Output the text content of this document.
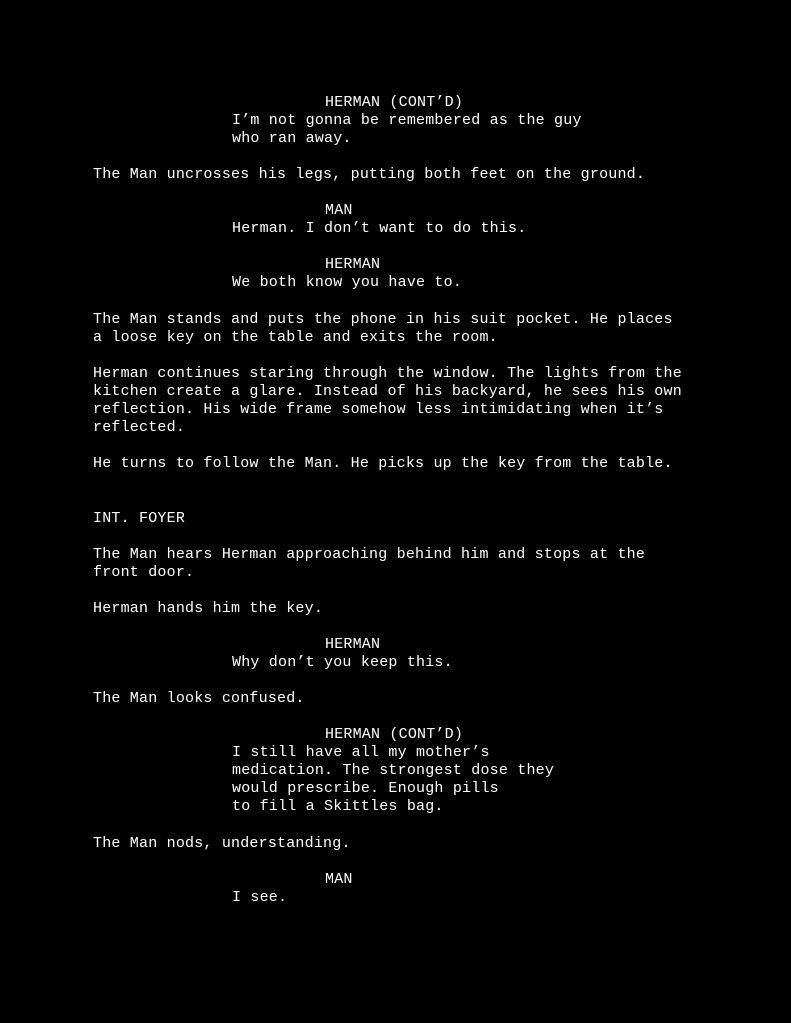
HERMAN (CONT’D)
I’m not gonna be remembered as the guy
who ran away.
The Man uncrosses his legs, putting both feet on the ground.
MAN
Herman. I don’t want to do this.
HERMAN
We both know you have to.
The Man stands and puts the phone in his suit pocket. He places
a loose key on the table and exits the room.
Herman continues staring through the window. The lights from the
kitchen create a glare. Instead of his backyard, he sees his own
reflection. His wide frame somehow less intimidating when it’s
reflected.
He turns to follow the Man. He picks up the key from the table.
INT. FOYER
The Man hears Herman approaching behind him and stops at the
front door.
Herman hands him the key.
HERMAN
Why don’t you keep this.
The Man looks confused.
HERMAN (CONT’D)
I still have all my mother’s
medication. The strongest dose they
would prescribe. Enough pills
to fill a Skittles bag.
The Man nods, understanding.
MAN
I see.
